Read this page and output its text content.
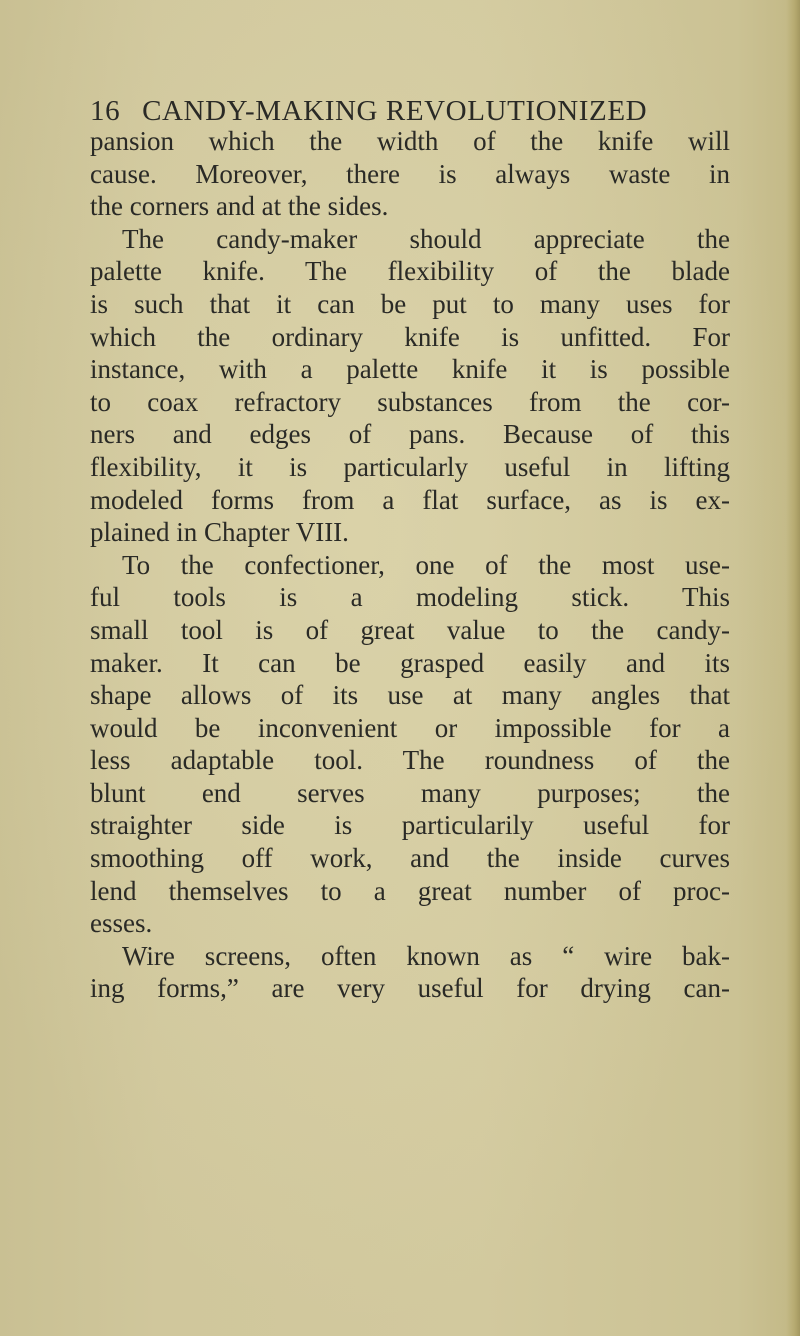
16 CANDY-MAKING REVOLUTIONIZED
pansion which the width of the knife will
cause. Moreover, there is always waste in
the corners and at the sides.
The candy-maker should appreciate the
palette knife. The flexibility of the blade
is such that it can be put to many uses for
which the ordinary knife is unfitted. For
instance, with a palette knife it is possible
to coax refractory substances from the cor-
ners and edges of pans. Because of this
flexibility, it is particularly useful in lifting
modeled forms from a flat surface, as is ex-
plained in Chapter VIII.
To the confectioner, one of the most use-
ful tools is a modeling stick. This
small tool is of great value to the candy-
maker. It can be grasped easily and its
shape allows of its use at many angles that
would be inconvenient or impossible for a
less adaptable tool. The roundness of the
blunt end serves many purposes; the
straighter side is particularily useful for
smoothing off work, and the inside curves
lend themselves to a great number of proc-
esses.
Wire screens, often known as “ wire bak-
ing forms,” are very useful for drying can-
